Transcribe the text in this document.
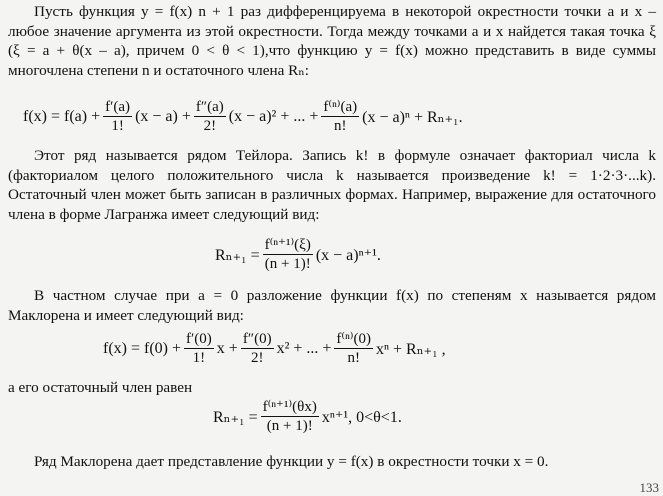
Пусть функция y = f(x) n + 1 раз дифференцируема в некоторой окрестности точки a и x – любое значение аргумента из этой окрестности. Тогда между точками a и x найдется такая точка ξ (ξ = a + θ(x – a), причем 0 < θ < 1),что функцию y = f(x) можно представить в виде суммы многочлена степени n и остаточного члена Rₙ:

$f(x) = f(a) + \frac{f'(a)}{1!} (x - a) + \frac{f''(a)}{2!} (x - a)^2$ + ... + $\frac{\text{f⁽ⁿ⁾(a)}}{n!} (x - a)^n + R_{n+1}$.

Этот ряд называется рядом Тейлора. Запись k! в формуле означает факториал числа k (факториалом целого положительного числа k называется произведение k! = 1·2·3·...k). Остаточный член может быть записан в различных формах. Например, выражение для остаточного члена в форме Лагранжа имеет следующий вид:

$R_{n+1} = \frac{\text{f⁽ⁿ⁺¹⁾(ξ)}}{(n + 1)!} (x - a)^{n+1}$.

В частном случае при a = 0 разложение функции f(x) по степеням x называется рядом Маклорена и имеет следующий вид:

$f(x) = f(0) + \frac{f'(0)}{1!}$ $x + \frac{f''(0)}{2!} x^2$ + ... + $\frac{\text{f⁽ⁿ⁾(0)}}{n!}$ xⁿ + Rₙ₊₁ ,

а его остаточный член равен

$R_{n+1} = \frac{\text{f⁽ⁿ⁺¹⁾(θx)}}{(n + 1)!} x^{n+1}$, 0<θ<1.

Ряд Маклорена дает представление функции y = f(x) в окрестности точки x = 0.

133
